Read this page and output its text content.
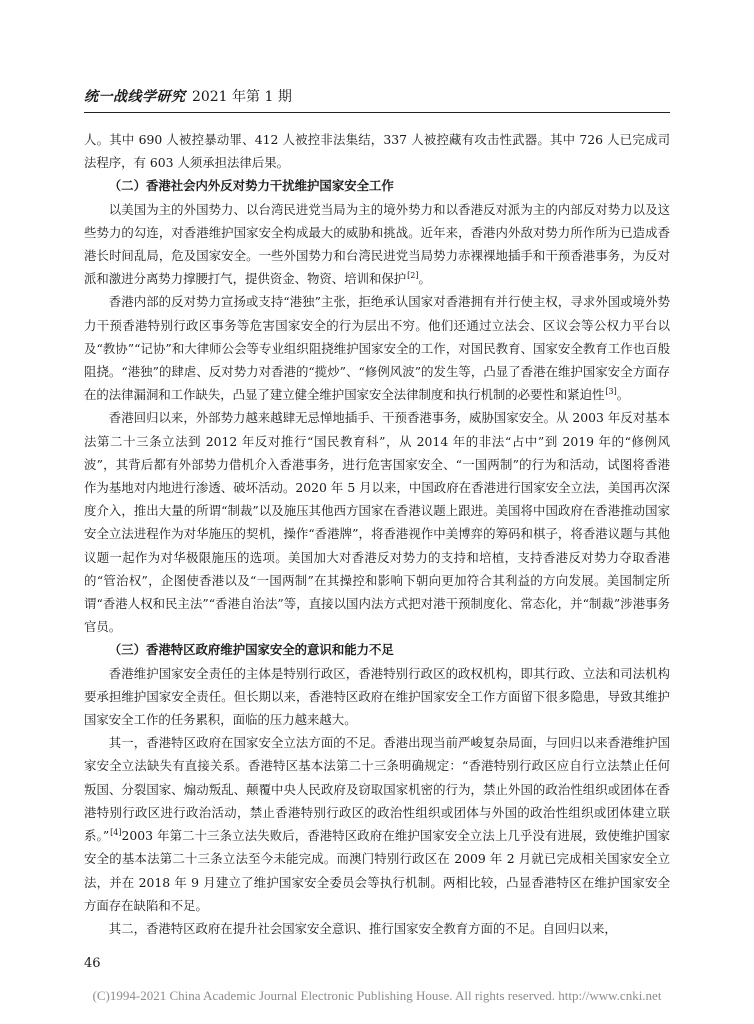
统一战线学研究 2021 年第 1 期

人。其中 690 人被控暴动罪、412 人被控非法集结，337 人被控藏有攻击性武器。其中 726 人已完成司法程序，有 603 人须承担法律后果。

（二）香港社会内外反对势力干扰维护国家安全工作

以美国为主的外国势力、以台湾民进党当局为主的境外势力和以香港反对派为主的内部反对势力以及这些势力的勾连，对香港维护国家安全构成最大的威胁和挑战。近年来，香港内外敌对势力所作所为已造成香港长时间乱局，危及国家安全。一些外国势力和台湾民进党当局势力赤裸裸地插手和干预香港事务，为反对派和激进分离势力撑腰打气，提供资金、物资、培训和保护[2]。

香港内部的反对势力宣扬或支持“港独”主张，拒绝承认国家对香港拥有并行使主权，寻求外国或境外势力干预香港特别行政区事务等危害国家安全的行为层出不穷。他们还通过立法会、区议会等公权力平台以及“教协”“记协”和大律师公会等专业组织阻挠维护国家安全的工作，对国民教育、国家安全教育工作也百般阻挠。“港独”的肆虐、反对势力对香港的“揽炒”、“修例风波”的发生等，凸显了香港在维护国家安全方面存在的法律漏洞和工作缺失，凸显了建立健全维护国家安全法律制度和执行机制的必要性和紧迫性[3]。

香港回归以来，外部势力越来越肆无忌惮地插手、干预香港事务，威胁国家安全。从 2003 年反对基本法第二十三条立法到 2012 年反对推行“国民教育科”，从 2014 年的非法“占中”到 2019 年的“修例风波”，其背后都有外部势力借机介入香港事务，进行危害国家安全、“一国两制”的行为和活动，试图将香港作为基地对内地进行渗透、破坏活动。2020 年 5 月以来，中国政府在香港进行国家安全立法，美国再次深度介入，推出大量的所谓“制裁”以及施压其他西方国家在香港议题上跟进。美国将中国政府在香港推动国家安全立法进程作为对华施压的契机，操作“香港牌”，将香港视作中美博弈的筹码和棋子，将香港议题与其他议题一起作为对华极限施压的选项。美国加大对香港反对势力的支持和培植，支持香港反对势力夺取香港的“管治权”，企图使香港以及“一国两制”在其操控和影响下朝向更加符合其利益的方向发展。美国制定所谓“香港人权和民主法”“香港自治法”等，直接以国内法方式把对港干预制度化、常态化，并“制裁”涉港事务官员。

（三）香港特区政府维护国家安全的意识和能力不足

香港维护国家安全责任的主体是特别行政区，香港特别行政区的政权机构，即其行政、立法和司法机构要承担维护国家安全责任。但长期以来，香港特区政府在维护国家安全工作方面留下很多隐患，导致其维护国家安全工作的任务累积，面临的压力越来越大。

其一，香港特区政府在国家安全立法方面的不足。香港出现当前严峻复杂局面，与回归以来香港维护国家安全立法缺失有直接关系。香港特区基本法第二十三条明确规定：“香港特别行政区应自行立法禁止任何叛国、分裂国家、煽动叛乱、颠覆中央人民政府及窃取国家机密的行为，禁止外国的政治性组织或团体在香港特别行政区进行政治活动，禁止香港特别行政区的政治性组织或团体与外国的政治性组织或团体建立联系。”[4]2003 年第二十三条立法失败后，香港特区政府在维护国家安全立法上几乎没有进展，致使维护国家安全的基本法第二十三条立法至今未能完成。而澳门特别行政区在 2009 年 2 月就已完成相关国家安全立法，并在 2018 年 9 月建立了维护国家安全委员会等执行机制。两相比较，凸显香港特区在维护国家安全方面存在缺陷和不足。

其二，香港特区政府在提升社会国家安全意识、推行国家安全教育方面的不足。自回归以来，

46
(C)1994-2021 China Academic Journal Electronic Publishing House. All rights reserved. http://www.cnki.net
